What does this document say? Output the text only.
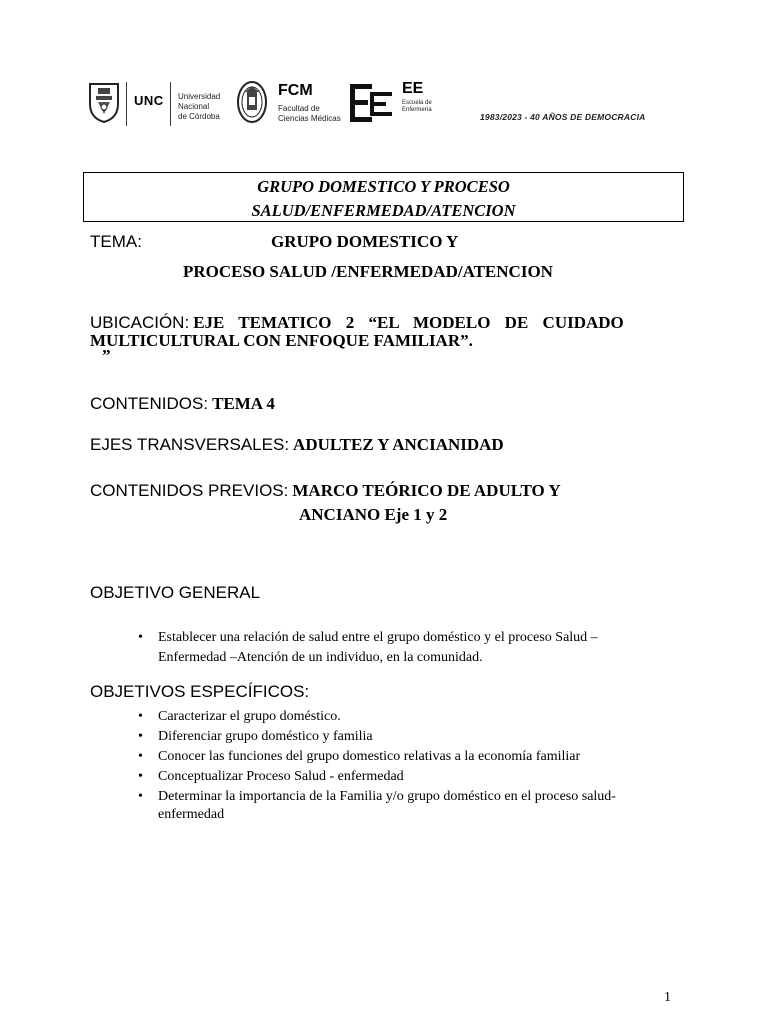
UNC Universidad
Nacional
de Córdoba
FCM
Facultad de
Ciencias Médicas
EE
Escuela de
Enfermería
1983/2023 - 40 AÑOS DE DEMOCRACIA
GRUPO DOMESTICO Y PROCESO
SALUD/ENFERMEDAD/ATENCION
TEMA:	GRUPO DOMESTICO Y
PROCESO SALUD /ENFERMEDAD/ATENCION
UBICACIÓN: EJE TEMATICO 2 “EL MODELO DE CUIDADO
MULTICULTURAL CON ENFOQUE FAMILIAR”.
”
CONTENIDOS: TEMA 4
EJES TRANSVERSALES: ADULTEZ Y ANCIANIDAD
CONTENIDOS PREVIOS: MARCO TEÓRICO DE ADULTO Y
ANCIANO Eje 1 y 2
OBJETIVO GENERAL
• Establecer una relación de salud entre el grupo doméstico y el proceso Salud –
Enfermedad –Atención de un individuo, en la comunidad.
OBJETIVOS ESPECÍFICOS:
• Caracterizar el grupo doméstico.
• Diferenciar grupo doméstico y familia
• Conocer las funciones del grupo domestico relativas a la economía familiar
• Conceptualizar Proceso Salud - enfermedad
• Determinar la importancia de la Familia y/o grupo doméstico en el proceso salud-
enfermedad
1
